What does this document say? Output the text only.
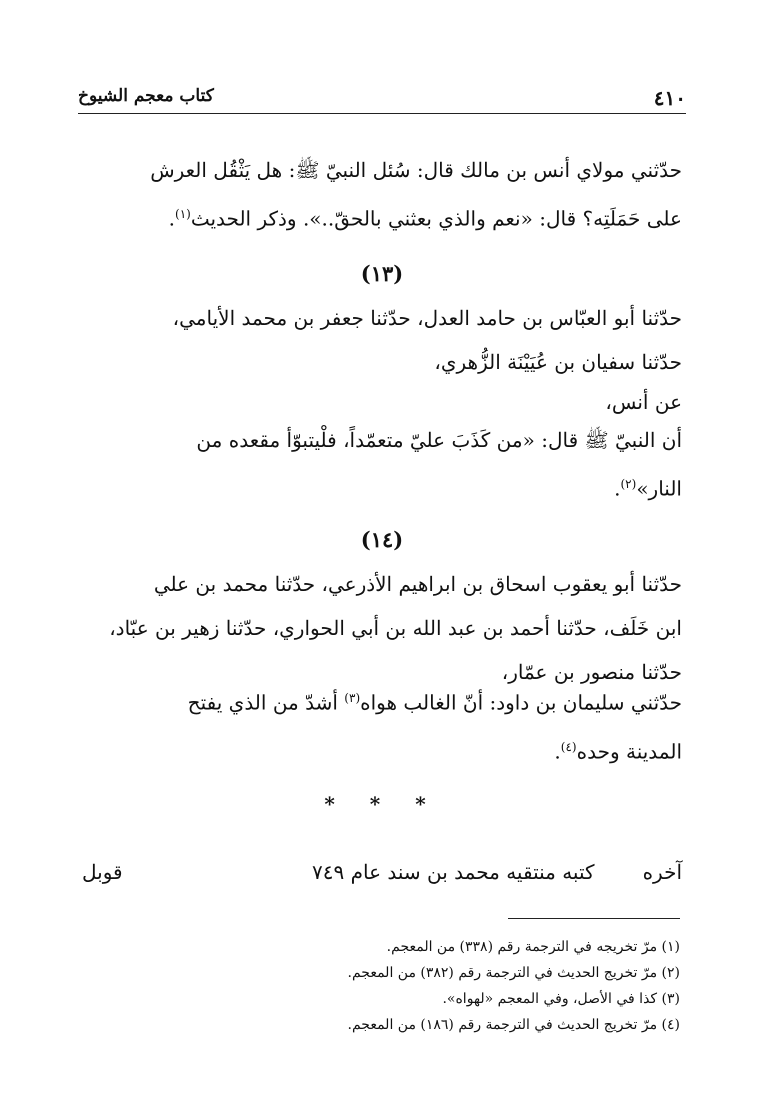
٤١٠
كتاب معجم الشيوخ
حدّثني مولاي أنس بن مالك قال: سُئل النبيّ ﷺ: هل يَثْقُل العرش
على حَمَلَتِه؟ قال: «نعم والذي بعثني بالحقّ..». وذكر الحديث$^{(١)}$.
(١٣)
حدّثنا أبو العبّاس بن حامد العدل، حدّثنا جعفر بن محمد الأيامي،
حدّثنا سفيان بن عُيَيْنَة الزُّهري،
عن أنس،
أن النبيّ ﷺ قال: «من كَذَبَ عليّ متعمّداً، فلْيتبوّأ مقعده من
النار»$^{(٢)}$.
(١٤)
حدّثنا أبو يعقوب اسحاق بن ابراهيم الأذرعي، حدّثنا محمد بن علي
ابن خَلَف، حدّثنا أحمد بن عبد الله بن أبي الحواري، حدّثنا زهير بن عبّاد،
حدّثنا منصور بن عمّار،
حدّثني سليمان بن داود: أنّ الغالب هواه$^{(٣)}$ أشدّ من الذي يفتح
المدينة وحده$^{(٤)}$.
* * *
آخره
كتبه منتقيه محمد بن سند عام ٧٤٩
قوبل
(١) مرّ تخريجه في الترجمة رقم (٣٣٨) من المعجم.
(٢) مرّ تخريج الحديث في الترجمة رقم (٣٨٢) من المعجم.
(٣) كذا في الأصل، وفي المعجم «لهواه».
(٤) مرّ تخريج الحديث في الترجمة رقم (١٨٦) من المعجم.
